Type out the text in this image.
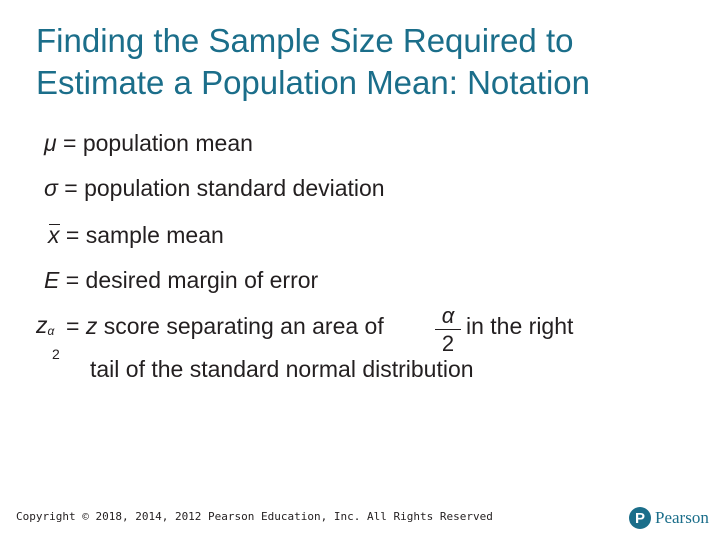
Finding the Sample Size Required to
Estimate a Population Mean: Notation
μ = population mean
σ = population standard deviation
x = sample mean
E = desired margin of error
zα
2
= z score separating an area of	α
2
in the right
tail of the standard normal distribution
Copyright © 2018, 2014, 2012 Pearson Education, Inc. All Rights Reserved	P Pearson
